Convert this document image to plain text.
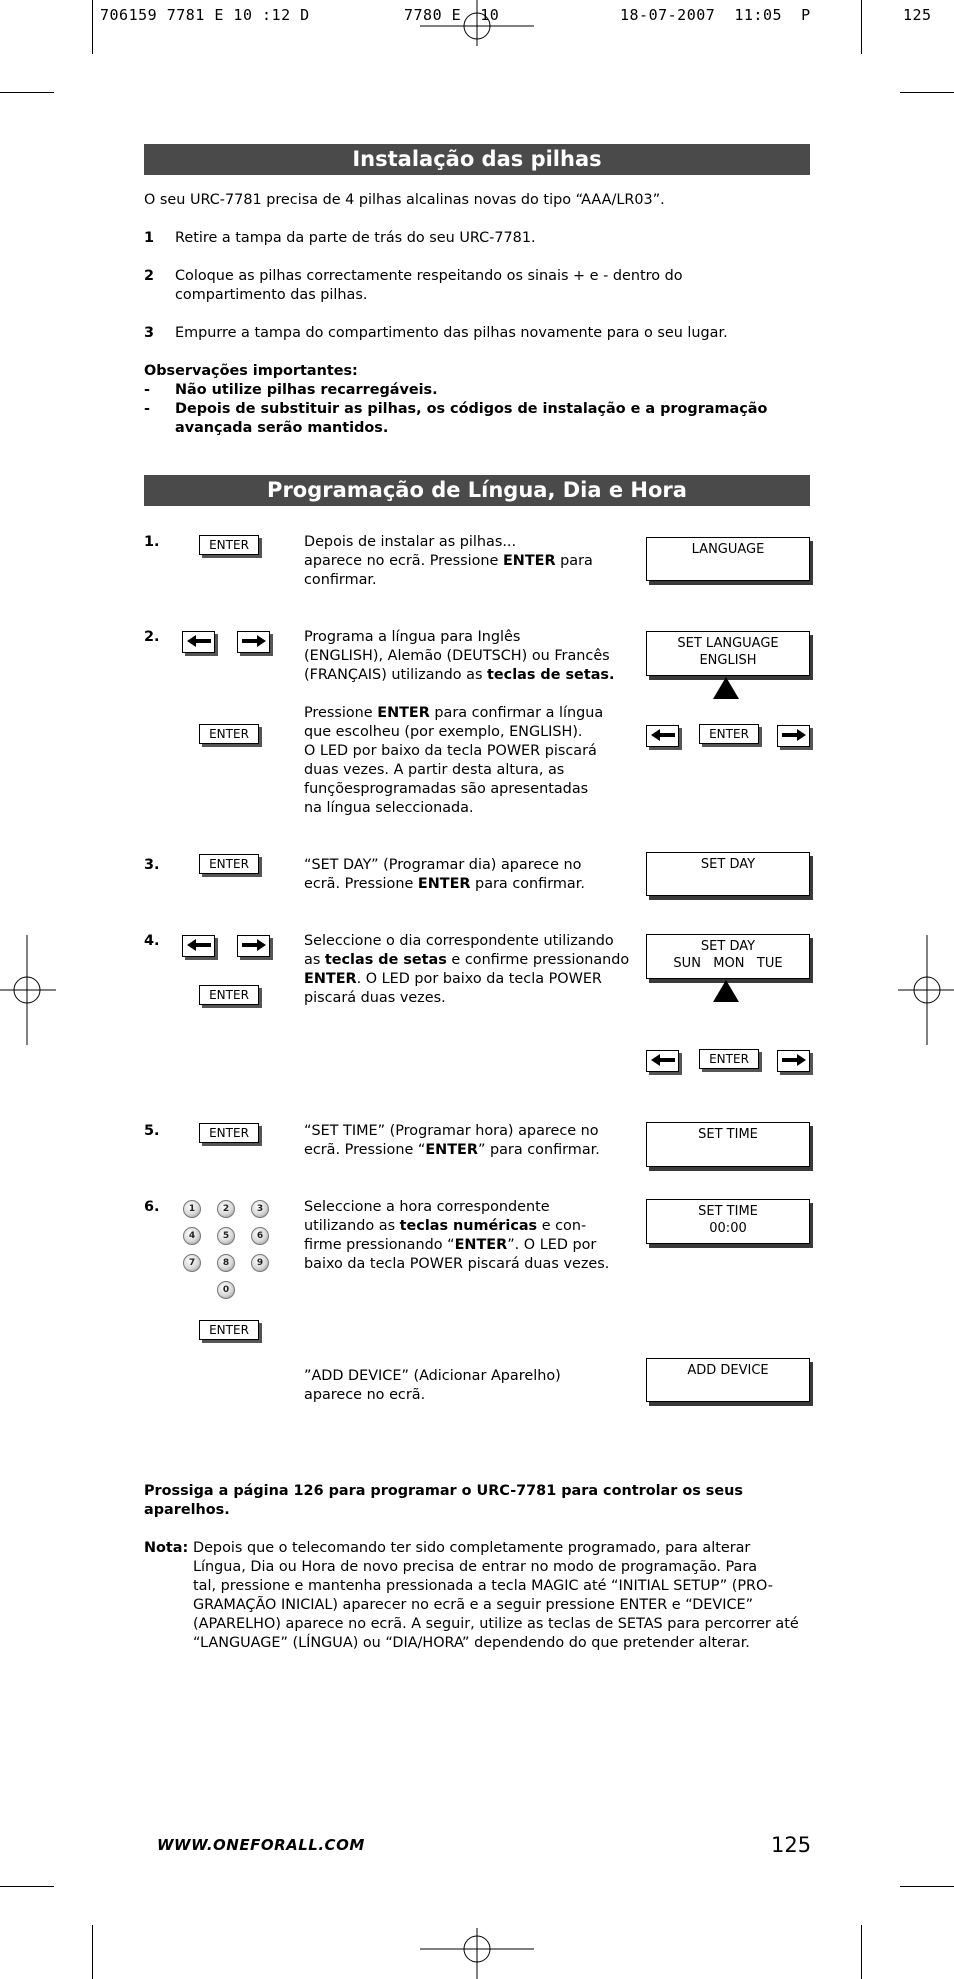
706159 7781 E 10 :12 D	7780 E  10	18-07-2007  11:05  P	125
Instalação das pilhas
O seu URC-7781 precisa de 4 pilhas alcalinas novas do tipo “AAA/LR03”.
1 Retire a tampa da parte de trás do seu URC-7781.
2 Coloque as pilhas correctamente respeitando os sinais + e - dentro do
compartimento das pilhas.
3 Empurre a tampa do compartimento das pilhas novamente para o seu lugar.
Observações importantes:
- Não utilize pilhas recarregáveis.
- Depois de substituir as pilhas, os códigos de instalação e a programação
avançada serão mantidos.
Programação de Língua, Dia e Hora
1.	ENTER	Depois de instalar as pilhas...
aparece no ecrã. Pressione ENTER para
confirmar.
LANGUAGE
2.	Programa a língua para Inglês
(ENGLISH), Alemão (DEUTSCH) ou Francês
(FRANÇAIS) utilizando as teclas de setas.
SET LANGUAGE
ENGLISH
ENTER
Pressione ENTER para confirmar a língua
que escolheu (por exemplo, ENGLISH).
O LED por baixo da tecla POWER piscará
duas vezes. A partir desta altura, as
funçõesprogramadas são apresentadas
na língua seleccionada.
ENTER
3.	ENTER	“SET DAY” (Programar dia) aparece no
ecrã. Pressione ENTER para confirmar.
SET DAY
4.
ENTER
Seleccione o dia correspondente utilizando
as teclas de setas e confirme pressionando
ENTER. O LED por baixo da tecla POWER
piscará duas vezes.
SET DAY
SUN   MON   TUE
ENTER
5.	ENTER	“SET TIME” (Programar hora) aparece no
ecrã. Pressione “ENTER” para confirmar.
SET TIME
6.	1	2	3
4	5	6
7	8	9
0
ENTER
Seleccione a hora correspondente
utilizando as teclas numéricas e con-
firme pressionando “ENTER”. O LED por
baixo da tecla POWER piscará duas vezes.
SET TIME
00:00
”ADD DEVICE” (Adicionar Aparelho)
aparece no ecrã.
ADD DEVICE
Prossiga a página 126 para programar o URC-7781 para controlar os seus
aparelhos.
Nota: Depois que o telecomando ter sido completamente programado, para alterar
Língua, Dia ou Hora de novo precisa de entrar no modo de programação. Para
tal, pressione e mantenha pressionada a tecla MAGIC até “INITIAL SETUP” (PRO-
GRAMAÇÃO INICIAL) aparecer no ecrã e a seguir pressione ENTER e “DEVICE”
(APARELHO) aparece no ecrã. A seguir, utilize as teclas de SETAS para percorrer até
“LANGUAGE” (LÍNGUA) ou “DIA/HORA” dependendo do que pretender alterar.
WWW.ONEFORALL.COM	125
